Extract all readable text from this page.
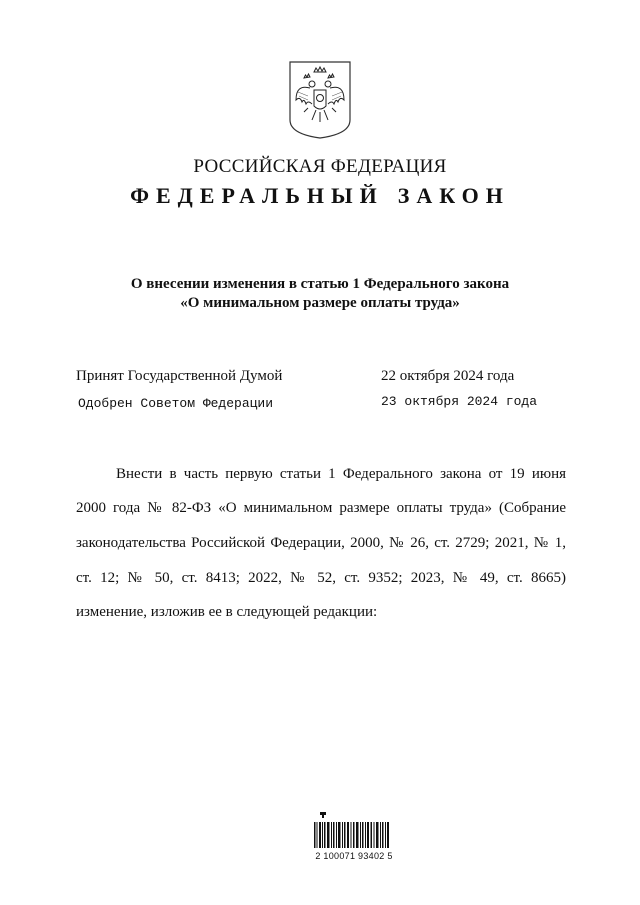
РОССИЙСКАЯ ФЕДЕРАЦИЯ
ФЕДЕРАЛЬНЫЙ ЗАКОН
О внесении изменения в статью 1 Федерального закона
«О минимальном размере оплаты труда»
Принят Государственной Думой	22 октября 2024 года
Одобрен Советом Федерации	23 октября 2024 года
Внести в часть первую статьи 1 Федерального закона от 19 июня
2000 года № 82-ФЗ «О минимальном размере оплаты труда» (Собрание
законодательства Российской Федерации, 2000, № 26, ст. 2729; 2021, № 1,
ст. 12; № 50, ст. 8413; 2022, № 52, ст. 9352; 2023, № 49, ст. 8665)
изменение, изложив ее в следующей редакции:
2 100071 93402 5
